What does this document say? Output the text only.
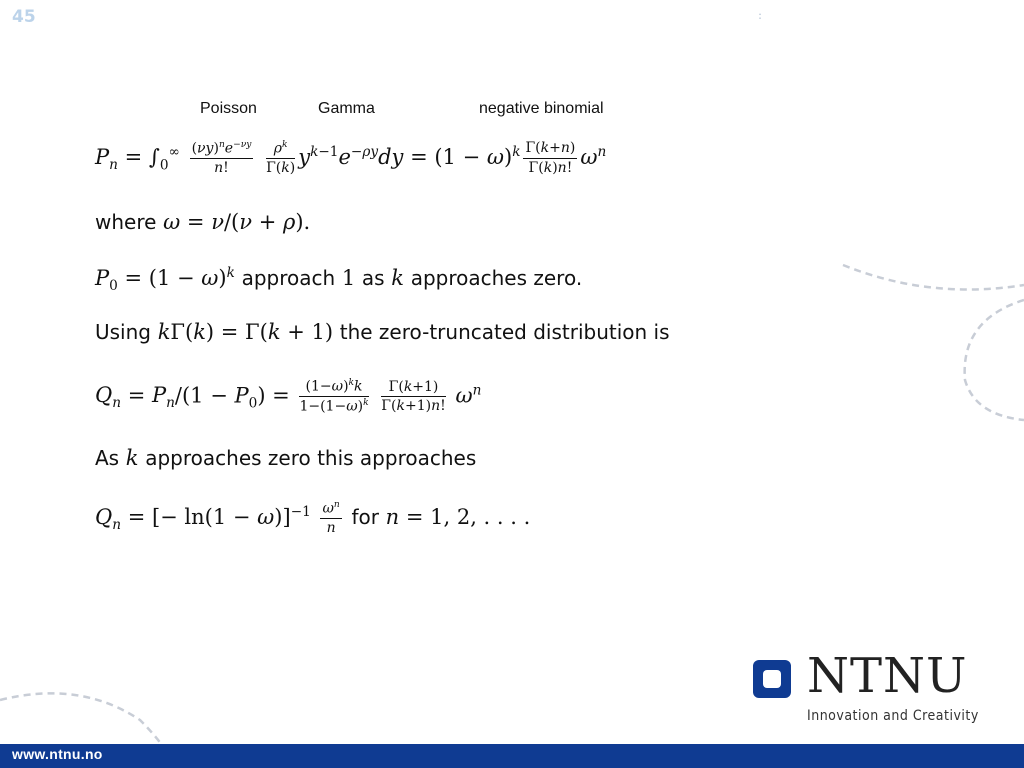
45	:
Poisson	Gamma	negative binomial
$P_n = \int_0^\infty \frac{(\nu y)^ne^{-\nu y}}{n!}$
$\frac{\rho^k}{\Gamma(k)} y^{k-1}e^{-\rho y}dy = (1 - \omega)^k \frac{\Gamma(k+n)}{\Gamma(k)n!} \omega^n$
where ω = ν/(ν + ρ).
$P_0 = (1 - \omega)^k$ approach 1 as k approaches zero.
Using kΓ(k) = Γ(k + 1) the zero-truncated distribution is
$Q_n = P_n/(1 - P_0) = \frac{(1-\omega)^kk}{1-(1-\omega)^k}$
$\frac{\Gamma(k+1)}{\Gamma(k+1)n!} \omega^n$
As k approaches zero this approaches
$Q_n$ = [− $\ln(1 - \omega)]^{-1} \frac{\omega^n}{n}$ for n = 1, 2, . . . .
NTNU
Innovation and Creativity
www.ntnu.no
